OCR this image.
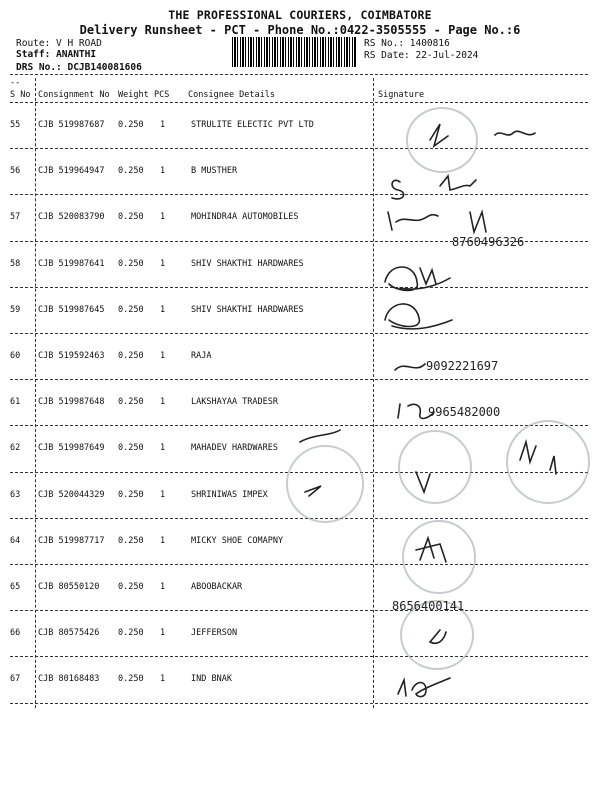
THE PROFESSIONAL COURIERS, COIMBATORE
Delivery Runsheet - PCT - Phone No.:0422-3505555 - Page No.:6
Route: V H ROAD
Staff: ANANTHI
DRS No.: DCJB140081606
RS No.: 1400816
RS Date: 22-Jul-2024
--
S No Consignment No Weight PCS Consignee Details	Signature
55 CJB 519987687 0.250 1	STRULITE ELECTIC PVT LTD
56 CJB 519964947 0.250 1	B MUSTHER
57 CJB 520083790 0.250 1	MOHINDR4A AUTOMOBILES
58 CJB 519987641 0.250 1	SHIV SHAKTHI HARDWARES
59 CJB 519987645 0.250 1	SHIV SHAKTHI HARDWARES
60 CJB 519592463 0.250 1	RAJA
61 CJB 519987648 0.250 1	LAKSHAYAA TRADESR
62 CJB 519987649 0.250 1	MAHADEV HARDWARES
63 CJB 520044329 0.250 1	SHRINIWAS IMPEX
64 CJB 519987717 0.250 1	MICKY SHOE COMAPNY
65 CJB 80550120 0.250 1	ABOOBACKAR
66 CJB 80575426 0.250 1	JEFFERSON
67 CJB 80168483 0.250 1	IND BNAK
8760496326
9092221697
9965482000
8656400141
